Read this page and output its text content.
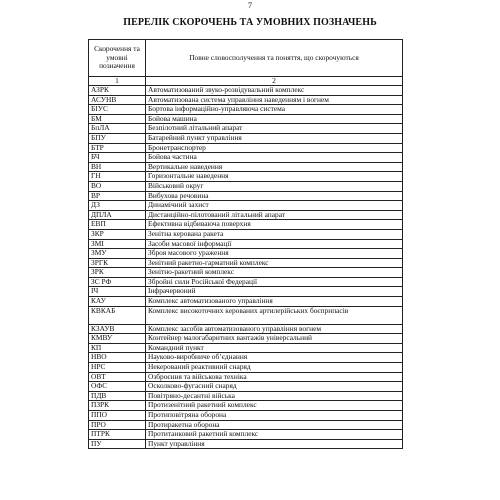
7
ПЕРЕЛІК СКОРОЧЕНЬ ТА УМОВНИХ ПОЗНАЧЕНЬ
Скорочення та умовні позначення	Повне словосполучення та поняття, що скорочуються
1	2
АЗРК	Автоматизований звуко-розвідувальний комплекс
АСУНВ	Автоматизована система управління наведенням і вогнем
БІУС	Бортова інформаційно-управляюча система
БМ	Бойова машина
БпЛА	Безпілотний літальний апарат
БПУ	Батарейний пункт управління
БТР	Бронетранспортер
БЧ	Бойова частина
ВН	Вертикальне наведення
ГН	Горизонтальне наведення
ВО	Військовий округ
ВР	Вибухова речовина
ДЗ	Динамічний захист
ДПЛА	Дистанційно-пілотований літальний апарат
ЕВП	Ефективна відбиваюча поверхня
ЗКР	Зенітна керована ракета
ЗМІ	Засоби масової інформації
ЗМУ	Зброя масового ураження
ЗРГК	Зенітний ракетно-гарматний комплекс
ЗРК	Зенітно-ракетний комплекс
ЗС РФ	Збройні сили Російської Федерації
ІЧ	Інфрачервоний
КАУ	Комплекс автоматизованого управління
КВКАБ	Комплекс високоточних керованих артилерійських боєприпасів
КЗАУВ	Комплекс засобів автоматизованого управління вогнем
КМВУ	Контейнер малогабаритних вантажів універсальний
КП	Командний пункт
НВО	Науково-виробниче об’єднання
НРС	Некерований реактивний снаряд
ОВТ	Озброєння та військова техніка
ОФС	Осколково-фугасний снаряд
ПДВ	Повітряно-десантні війська
ПЗРК	Протизенітний ракетний комплекс
ППО	Протиповітряна оборона
ПРО	Протиракетна оборона
ПТРК	Протитанковий ракетний комплекс
ПУ	Пункт управління
